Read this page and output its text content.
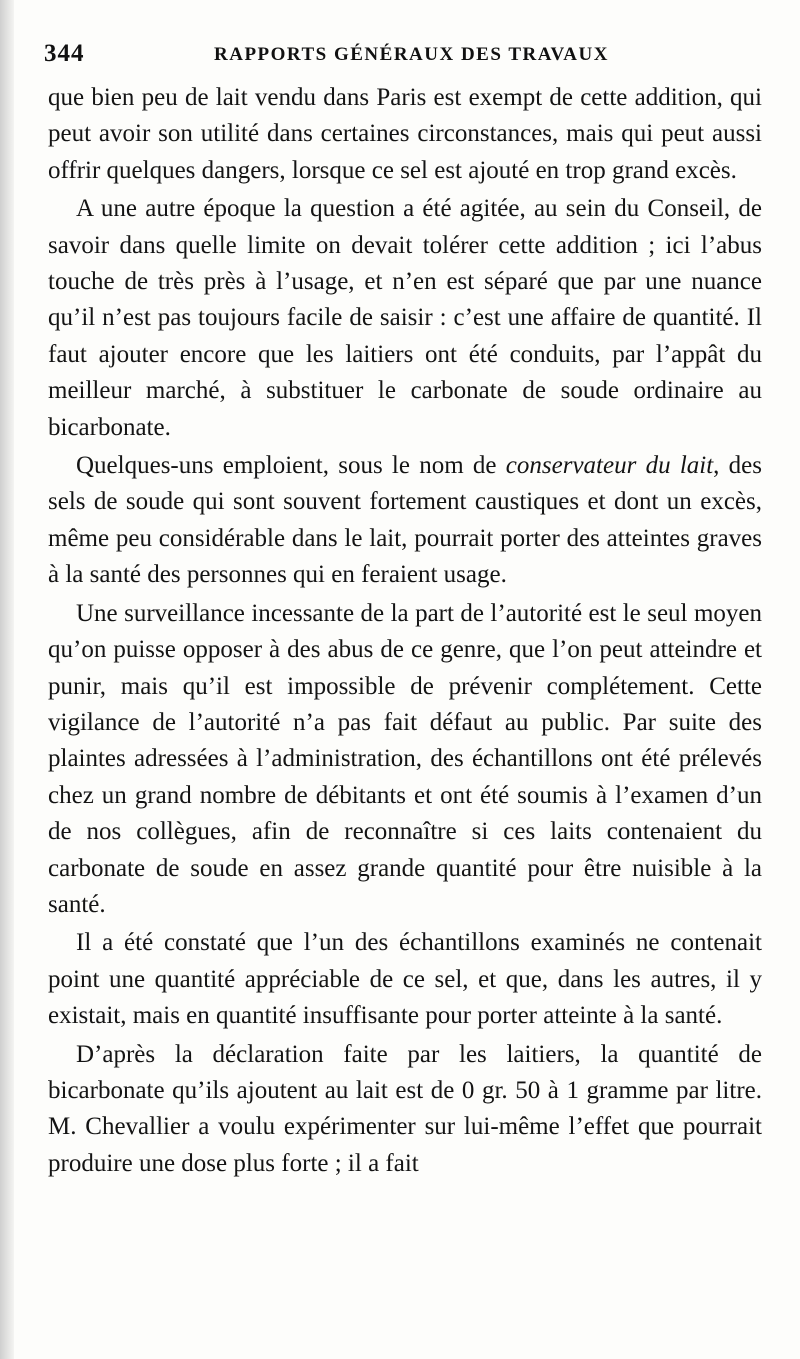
344	RAPPORTS GÉNÉRAUX DES TRAVAUX

que bien peu de lait vendu dans Paris est exempt de cette addition, qui peut avoir son utilité dans certaines circonstances, mais qui peut aussi offrir quelques dangers, lorsque ce sel est ajouté en trop grand excès.

A une autre époque la question a été agitée, au sein du Conseil, de savoir dans quelle limite on devait tolérer cette addition ; ici l’abus touche de très près à l’usage, et n’en est séparé que par une nuance qu’il n’est pas toujours facile de saisir : c’est une affaire de quantité. Il faut ajouter encore que les laitiers ont été conduits, par l’appât du meilleur marché, à substituer le carbonate de soude ordinaire au bicarbonate.

Quelques-uns emploient, sous le nom de conservateur du lait, des sels de soude qui sont souvent fortement caustiques et dont un excès, même peu considérable dans le lait, pourrait porter des atteintes graves à la santé des personnes qui en feraient usage.

Une surveillance incessante de la part de l’autorité est le seul moyen qu’on puisse opposer à des abus de ce genre, que l’on peut atteindre et punir, mais qu’il est impossible de prévenir complétement. Cette vigilance de l’autorité n’a pas fait défaut au public. Par suite des plaintes adressées à l’administration, des échantillons ont été prélevés chez un grand nombre de débitants et ont été soumis à l’examen d’un de nos collègues, afin de reconnaître si ces laits contenaient du carbonate de soude en assez grande quantité pour être nuisible à la santé.

Il a été constaté que l’un des échantillons examinés ne contenait point une quantité appréciable de ce sel, et que, dans les autres, il y existait, mais en quantité insuffisante pour porter atteinte à la santé.

D’après la déclaration faite par les laitiers, la quantité de bicarbonate qu’ils ajoutent au lait est de 0 gr. 50 à 1 gramme par litre. M. Chevallier a voulu expérimenter sur lui-même l’effet que pourrait produire une dose plus forte ; il a fait
